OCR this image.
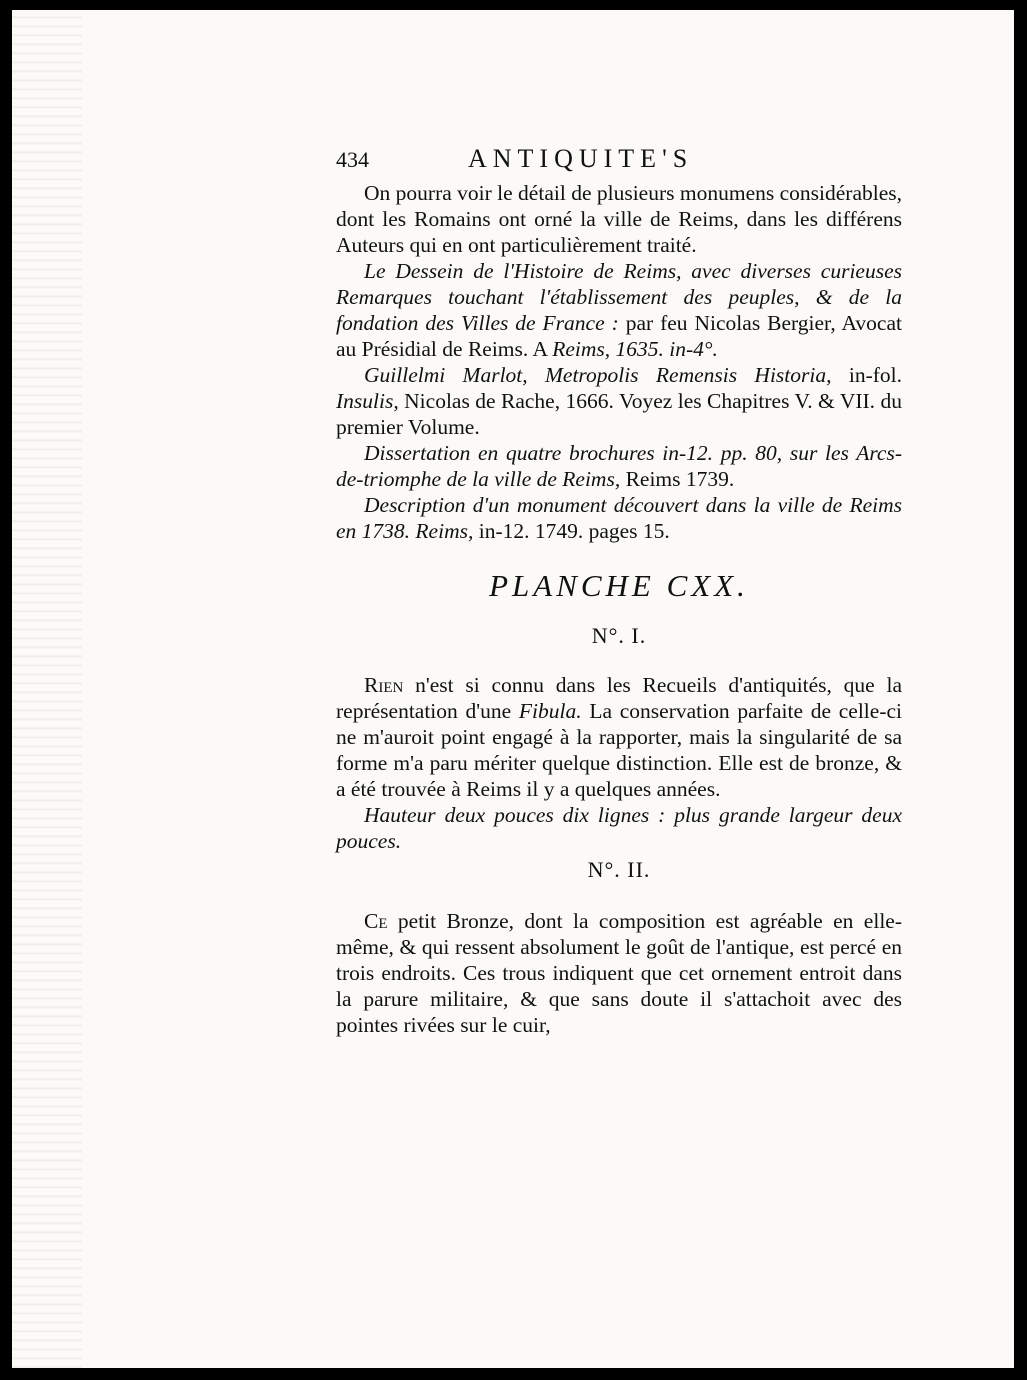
434	ANTIQUITE'S

On pourra voir le détail de plusieurs monumens considérables, dont les Romains ont orné la ville de Reims, dans les différens Auteurs qui en ont particulièrement traité.

Le Dessein de l'Histoire de Reims, avec diverses curieuses Remarques touchant l'établissement des peuples, & de la fondation des Villes de France : par feu Nicolas Bergier, Avocat au Présidial de Reims. A Reims, 1635. in-4°.

Guillelmi Marlot, Metropolis Remensis Historia, in-fol. Insulis, Nicolas de Rache, 1666. Voyez les Chapitres V. & VII. du premier Volume.

Dissertation en quatre brochures in-12. pp. 80, sur les Arcs-de-triomphe de la ville de Reims, Reims 1739.

Description d'un monument découvert dans la ville de Reims en 1738. Reims, in-12. 1749. pages 15.

PLANCHE CXX.
N°. I.

Rien n'est si connu dans les Recueils d'antiquités, que la représentation d'une Fibula. La conservation parfaite de celle-ci ne m'auroit point engagé à la rapporter, mais la singularité de sa forme m'a paru mériter quelque distinction. Elle est de bronze, & a été trouvée à Reims il y a quelques années.

Hauteur deux pouces dix lignes : plus grande largeur deux pouces.

N°. II.

Ce petit Bronze, dont la composition est agréable en elle-même, & qui ressent absolument le goût de l'antique, est percé en trois endroits. Ces trous indiquent que cet ornement entroit dans la parure militaire, & que sans doute il s'attachoit avec des pointes rivées sur le cuir,
